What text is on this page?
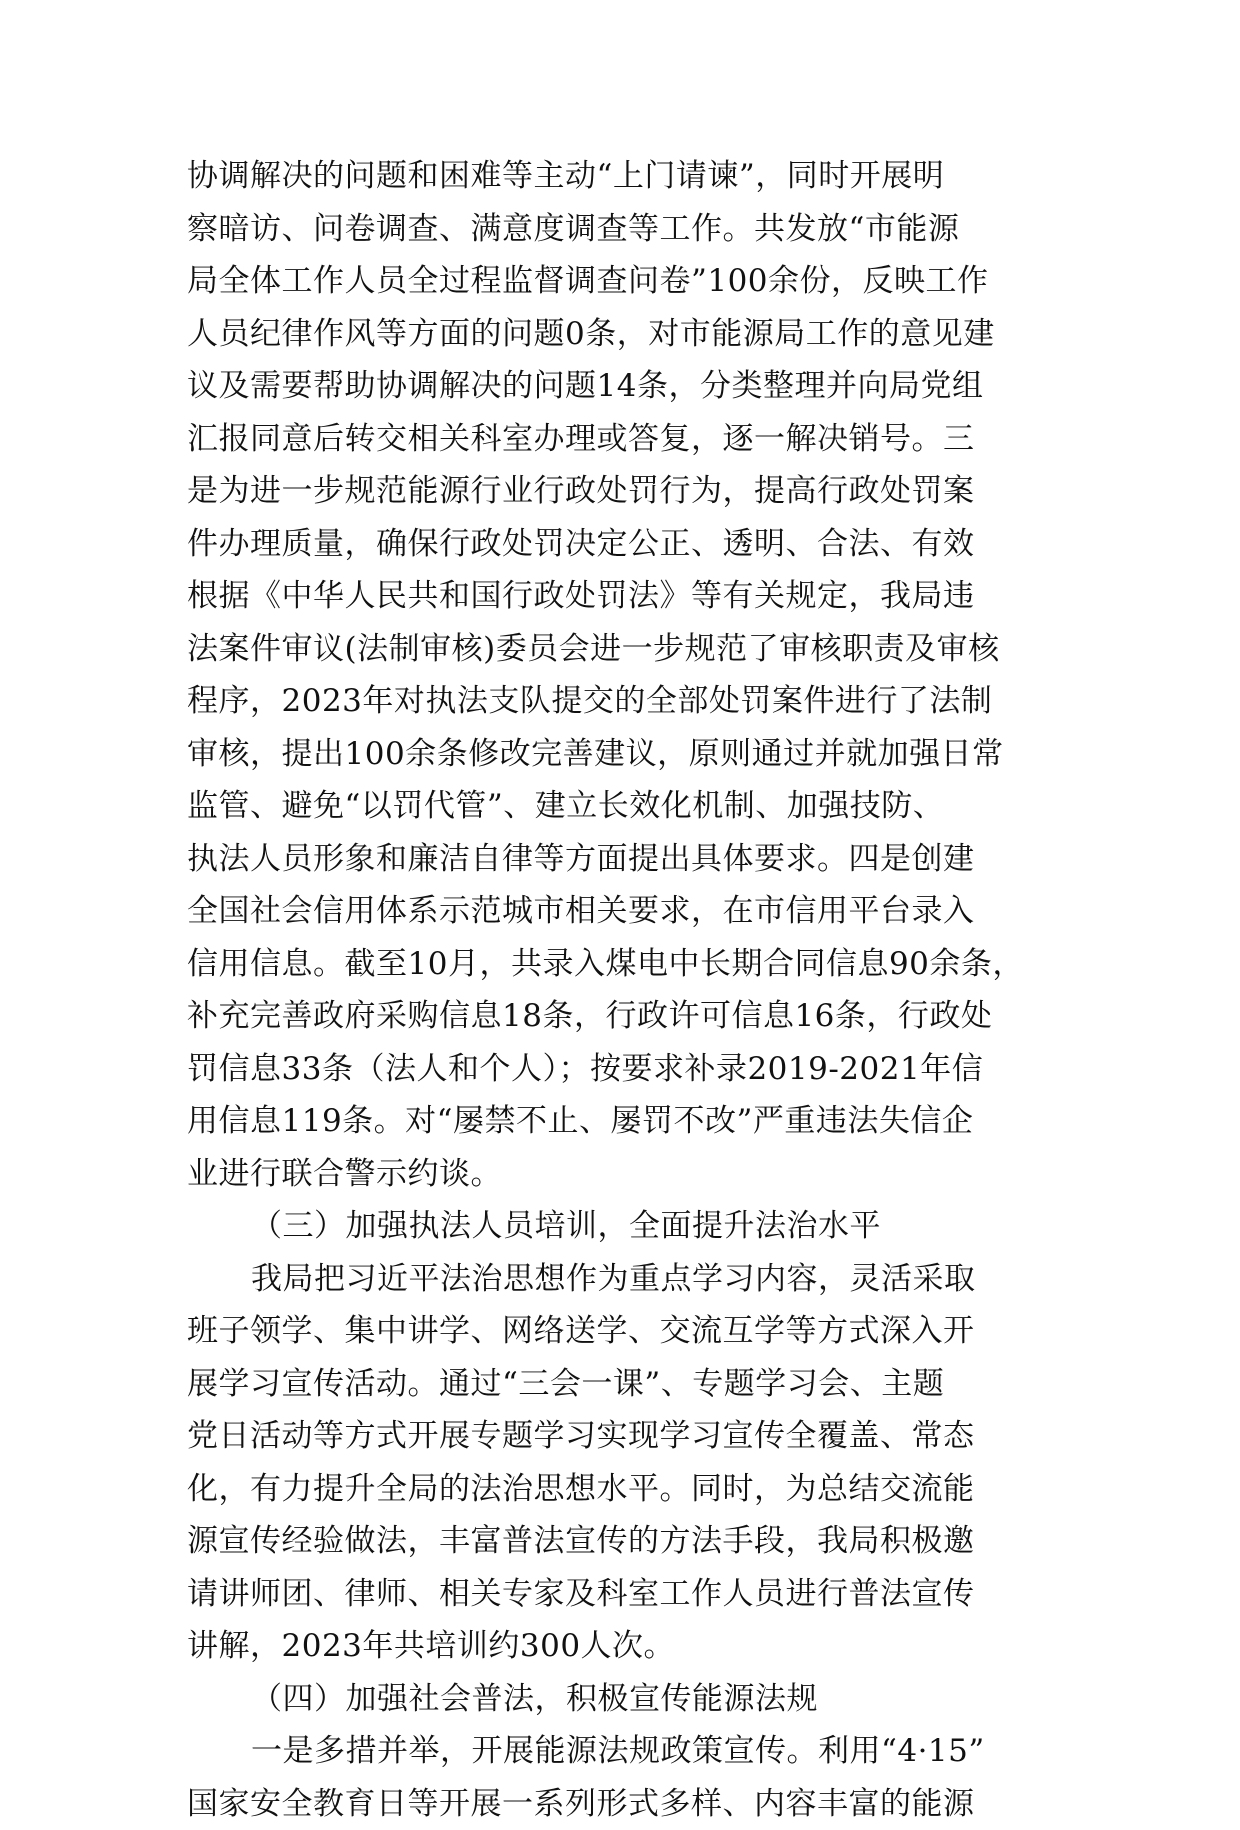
协调解决的问题和困难等主动“上门请谏”，同时开展明
察暗访、问卷调查、满意度调查等工作。共发放“市能源
局全体工作人员全过程监督调查问卷”100余份，反映工作
人员纪律作风等方面的问题0条，对市能源局工作的意见建
议及需要帮助协调解决的问题14条，分类整理并向局党组
汇报同意后转交相关科室办理或答复，逐一解决销号。三
是为进一步规范能源行业行政处罚行为，提高行政处罚案
件办理质量，确保行政处罚决定公正、透明、合法、有效
根据《中华人民共和国行政处罚法》等有关规定，我局违
法案件审议(法制审核)委员会进一步规范了审核职责及审核
程序，2023年对执法支队提交的全部处罚案件进行了法制
审核，提出100余条修改完善建议，原则通过并就加强日常
监管、避免“以罚代管”、建立长效化机制、加强技防、
执法人员形象和廉洁自律等方面提出具体要求。四是创建
全国社会信用体系示范城市相关要求，在市信用平台录入
信用信息。截至10月，共录入煤电中长期合同信息90余条，
补充完善政府采购信息18条，行政许可信息16条，行政处
罚信息33条（法人和个人）；按要求补录2019-2021年信
用信息119条。对“屡禁不止、屡罚不改”严重违法失信企
业进行联合警示约谈。
（三）加强执法人员培训，全面提升法治水平
我局把习近平法治思想作为重点学习内容，灵活采取
班子领学、集中讲学、网络送学、交流互学等方式深入开
展学习宣传活动。通过“三会一课”、专题学习会、主题
党日活动等方式开展专题学习实现学习宣传全覆盖、常态
化，有力提升全局的法治思想水平。同时，为总结交流能
源宣传经验做法，丰富普法宣传的方法手段，我局积极邀
请讲师团、律师、相关专家及科室工作人员进行普法宣传
讲解，2023年共培训约300人次。
（四）加强社会普法，积极宣传能源法规
一是多措并举，开展能源法规政策宣传。利用“4·15”
国家安全教育日等开展一系列形式多样、内容丰富的能源
